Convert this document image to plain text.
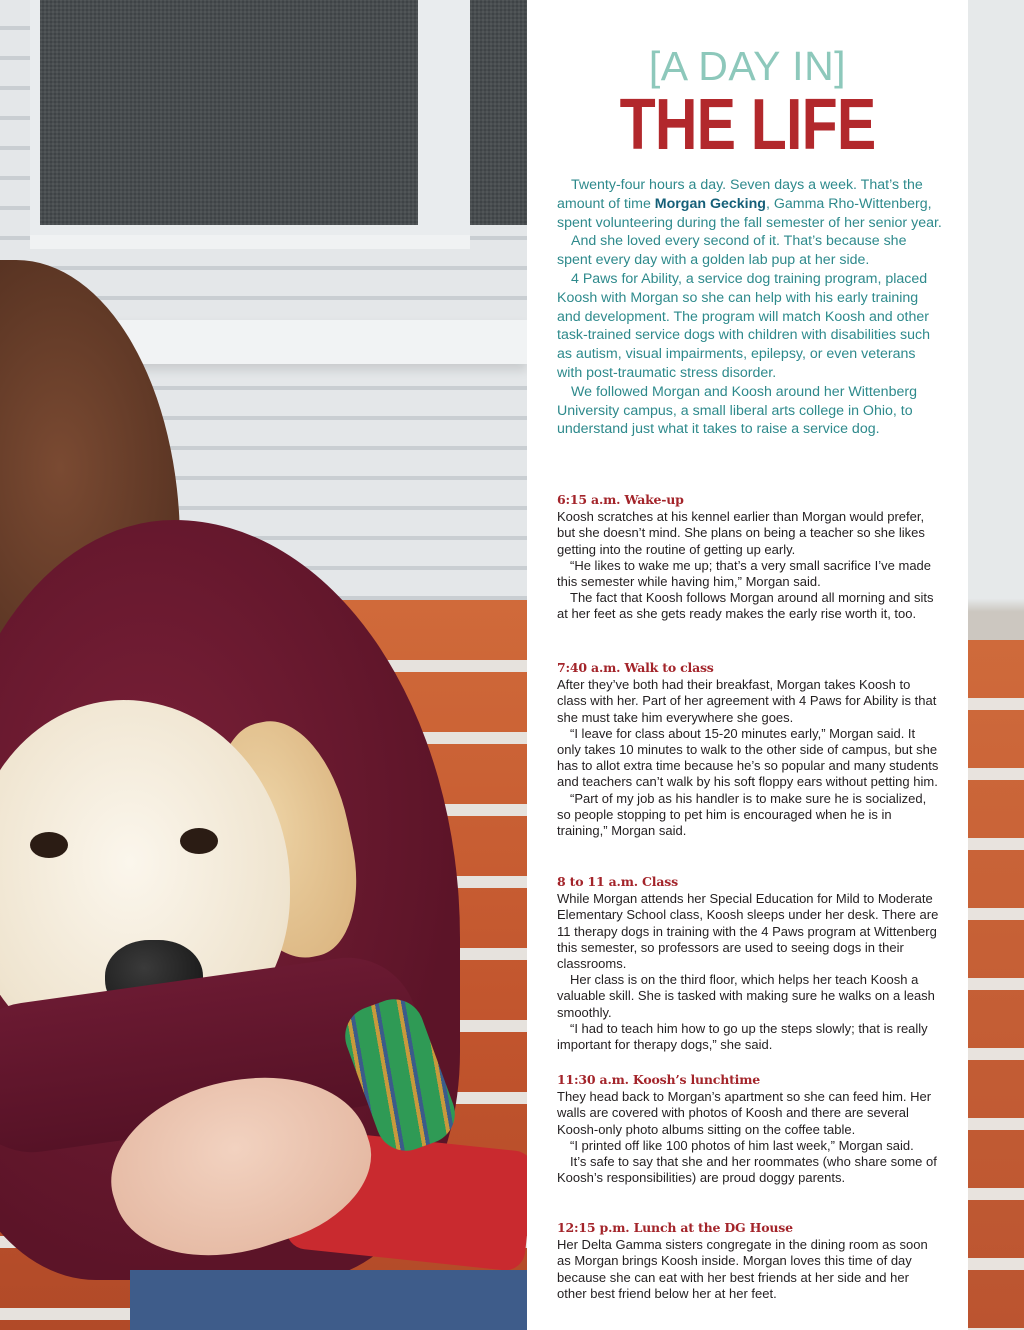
[A DAY IN]
THE LIFE

Twenty-four hours a day. Seven days a week. That’s the amount of time Morgan Gecking, Gamma Rho-Wittenberg, spent volunteering during the fall semester of her senior year.

And she loved every second of it. That’s because she spent every day with a golden lab pup at her side.

4 Paws for Ability, a service dog training program, placed Koosh with Morgan so she can help with his early training and development. The program will match Koosh and other task-trained service dogs with children with disabilities such as autism, visual impairments, epilepsy, or even veterans with post-traumatic stress disorder.

We followed Morgan and Koosh around her Wittenberg University campus, a small liberal arts college in Ohio, to understand just what it takes to raise a service dog.

6:15 a.m. Wake-up

Koosh scratches at his kennel earlier than Morgan would prefer, but she doesn’t mind. She plans on being a teacher so she likes getting into the routine of getting up early.

“He likes to wake me up; that’s a very small sacrifice I’ve made this semester while having him,” Morgan said.

The fact that Koosh follows Morgan around all morning and sits at her feet as she gets ready makes the early rise worth it, too.

7:40 a.m. Walk to class

After they’ve both had their breakfast, Morgan takes Koosh to class with her. Part of her agreement with 4 Paws for Ability is that she must take him everywhere she goes.

“I leave for class about 15-20 minutes early,” Morgan said. It only takes 10 minutes to walk to the other side of campus, but she has to allot extra time because he’s so popular and many students and teachers can’t walk by his soft floppy ears without petting him.

“Part of my job as his handler is to make sure he is socialized, so people stopping to pet him is encouraged when he is in training,” Morgan said.

8 to 11 a.m. Class

While Morgan attends her Special Education for Mild to Moderate Elementary School class, Koosh sleeps under her desk. There are 11 therapy dogs in training with the 4 Paws program at Wittenberg this semester, so professors are used to seeing dogs in their classrooms.

Her class is on the third floor, which helps her teach Koosh a valuable skill. She is tasked with making sure he walks on a leash smoothly.

“I had to teach him how to go up the steps slowly; that is really important for therapy dogs,” she said.

11:30 a.m. Koosh’s lunchtime

They head back to Morgan’s apartment so she can feed him. Her walls are covered with photos of Koosh and there are several Koosh-only photo albums sitting on the coffee table.

“I printed off like 100 photos of him last week,” Morgan said.

It’s safe to say that she and her roommates (who share some of Koosh’s responsibilities) are proud doggy parents.

12:15 p.m. Lunch at the DG House

Her Delta Gamma sisters congregate in the dining room as soon as Morgan brings Koosh inside. Morgan loves this time of day because she can eat with her best friends at her side and her other best friend below her at her feet.
